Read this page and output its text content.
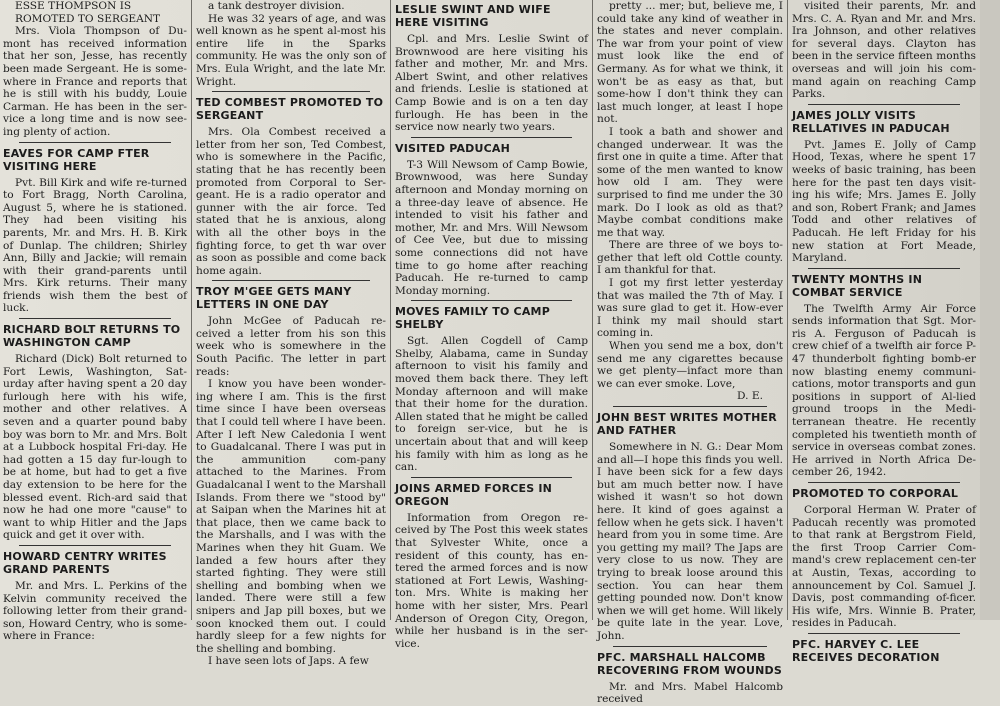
ESSE THOMPSON IS

ROMOTED TO SERGEANT

Mrs. Viola Thompson of Du-mont has received information that her son, Jesse, has recently been made Sergeant. He is some-where in France and reports that he is still with his buddy, Louie Carman. He has been in the ser-vice a long time and is now see-ing plenty of action.

EAVES FOR CAMP FTER VISITING HERE

Pvt. Bill Kirk and wife re-turned to Fort Bragg, North Carolina, August 5, where he is stationed. They had been visiting his parents, Mr. and Mrs. H. B. Kirk of Dunlap. The children; Shirley Ann, Billy and Jackie; will remain with their grand-parents until Mrs. Kirk returns. Their many friends wish them the best of luck.

RICHARD BOLT RETURNS TO WASHINGTON CAMP

Richard (Dick) Bolt returned to Fort Lewis, Washington, Sat-urday after having spent a 20 day furlough here with his wife, mother and other relatives. A seven and a quarter pound baby boy was born to Mr. and Mrs. Bolt at a Lubbock hospital Fri-day. He had gotten a 15 day fur-lough to be at home, but had to get a five day extension to be here for the blessed event. Rich-ard said that now he had one more "cause" to want to whip Hitler and the Japs quick and get it over with.

HOWARD CENTRY WRITES GRAND PARENTS

Mr. and Mrs. L. Perkins of the Kelvin community received the following letter from their grand-son, Howard Centry, who is some-where in France:

a tank destroyer division.

He was 32 years of age, and was well known as he spent al-most his entire life in the Sparks community. He was the only son of Mrs. Eula Wright, and the late Mr. Wright.

TED COMBEST PROMOTED TO SERGEANT

Mrs. Ola Combest received a letter from her son, Ted Combest, who is somewhere in the Pacific, stating that he has recently been promoted from Corporal to Ser-geant. He is a radio operator and gunner with the air force. Ted stated that he is anxious, along with all the other boys in the fighting force, to get th war over as soon as possible and come back home again.

TROY M'GEE GETS MANY LETTERS IN ONE DAY

John McGee of Paducah re-ceived a letter from his son this week who is somewhere in the South Pacific. The letter in part reads:

I know you have been wonder-ing where I am. This is the first time since I have been overseas that I could tell where I have been. After I left New Caledonia I went to Guadalcanal. There I was put in the ammunition com-pany attached to the Marines. From Guadalcanal I went to the Marshall Islands. From there we "stood by" at Saipan when the Marines hit at that place, then we came back to the Marshalls, and I was with the Marines when they hit Guam. We landed a few hours after they started fighting. They were still shelling and bombing when we landed. There were still a few snipers and Jap pill boxes, but we soon knocked them out. I could hardly sleep for a few nights for the shelling and bombing.

I have seen lots of Japs. A few

LESLIE SWINT AND WIFE HERE VISITING

Cpl. and Mrs. Leslie Swint of Brownwood are here visiting his father and mother, Mr. and Mrs. Albert Swint, and other relatives and friends. Leslie is stationed at Camp Bowie and is on a ten day furlough. He has been in the service now nearly two years.

VISITED PADUCAH

T-3 Will Newsom of Camp Bowie, Brownwood, was here Sunday afternoon and Monday morning on a three-day leave of absence. He intended to visit his father and mother, Mr. and Mrs. Will Newsom of Cee Vee, but due to missing some connections did not have time to go home after reaching Paducah. He re-turned to camp Monday morning.

MOVES FAMILY TO CAMP SHELBY

Sgt. Allen Cogdell of Camp Shelby, Alabama, came in Sunday afternoon to visit his family and moved them back there. They left Monday afternoon and will make that their home for the duration. Allen stated that he might be called to foreign ser-vice, but he is uncertain about that and will keep his family with him as long as he can.

JOINS ARMED FORCES IN OREGON

Information from Oregon re-ceived by The Post this week states that Sylvester White, once a resident of this county, has en-tered the armed forces and is now stationed at Fort Lewis, Washing-ton. Mrs. White is making her home with her sister, Mrs. Pearl Anderson of Oregon City, Oregon, while her husband is in the ser-vice.

pretty ... mer; but, believe me, I could take any kind of weather in the states and never complain. The war from your point of view must look like the end of Germany. As for what we think, it won't be as easy as that, but some-how I don't think they can last much longer, at least I hope not.

I took a bath and shower and changed underwear. It was the first one in quite a time. After that some of the men wanted to know how old I am. They were surprised to find me under the 30 mark. Do I look as old as that? Maybe combat conditions make me that way.

There are three of we boys to-gether that left old Cottle county. I am thankful for that.

I got my first letter yesterday that was mailed the 7th of May. I was sure glad to get it. How-ever I think my mail should start coming in.

When you send me a box, don't send me any cigarettes because we get plenty—infact more than we can ever smoke. Love,

D. E.

JOHN BEST WRITES MOTHER AND FATHER

Somewhere in N. G.: Dear Mom and all—I hope this finds you well. I have been sick for a few days but am much better now. I have wished it wasn't so hot down here. It kind of goes against a fellow when he gets sick. I haven't heard from you in some time. Are you getting my mail? The Japs are very close to us now. They are trying to break loose around this section. You can hear them getting pounded now. Don't know when we will get home. Will likely be quite late in the year. Love, John.

PFC. MARSHALL HALCOMB RECOVERING FROM WOUNDS

Mr. and Mrs. Mabel Halcomb received

visited their parents, Mr. and Mrs. C. A. Ryan and Mr. and Mrs. Ira Johnson, and other relatives for several days. Clayton has been in the service fifteen months overseas and will join his com-mand again on reaching Camp Parks.

JAMES JOLLY VISITS RELLATIVES IN PADUCAH

Pvt. James E. Jolly of Camp Hood, Texas, where he spent 17 weeks of basic training, has been here for the past ten days visit-ing his wife; Mrs. James E. Jolly and son, Robert Frank; and James Todd and other relatives of Paducah. He left Friday for his new station at Fort Meade, Maryland.

TWENTY MONTHS IN COMBAT SERVICE

The Twelfth Army Air Force sends information that Sgt. Mor-ris A. Ferguson of Paducah is crew chief of a twelfth air force P-47 thunderbolt fighting bomb-er now blasting enemy communi-cations, motor transports and gun positions in support of Al-lied ground troops in the Medi-terranean theatre. He recently completed his twentieth month of service in overseas combat zones. He arrived in North Africa De-cember 26, 1942.

PROMOTED TO CORPORAL

Corporal Herman W. Prater of Paducah recently was promoted to that rank at Bergstrom Field, the first Troop Carrier Com-mand's crew replacement cen-ter at Austin, Texas, according to announcement by Col. Samuel J. Davis, post commanding of-ficer. His wife, Mrs. Winnie B. Prater, resides in Paducah.

PFC. HARVEY C. LEE RECEIVES DECORATION
